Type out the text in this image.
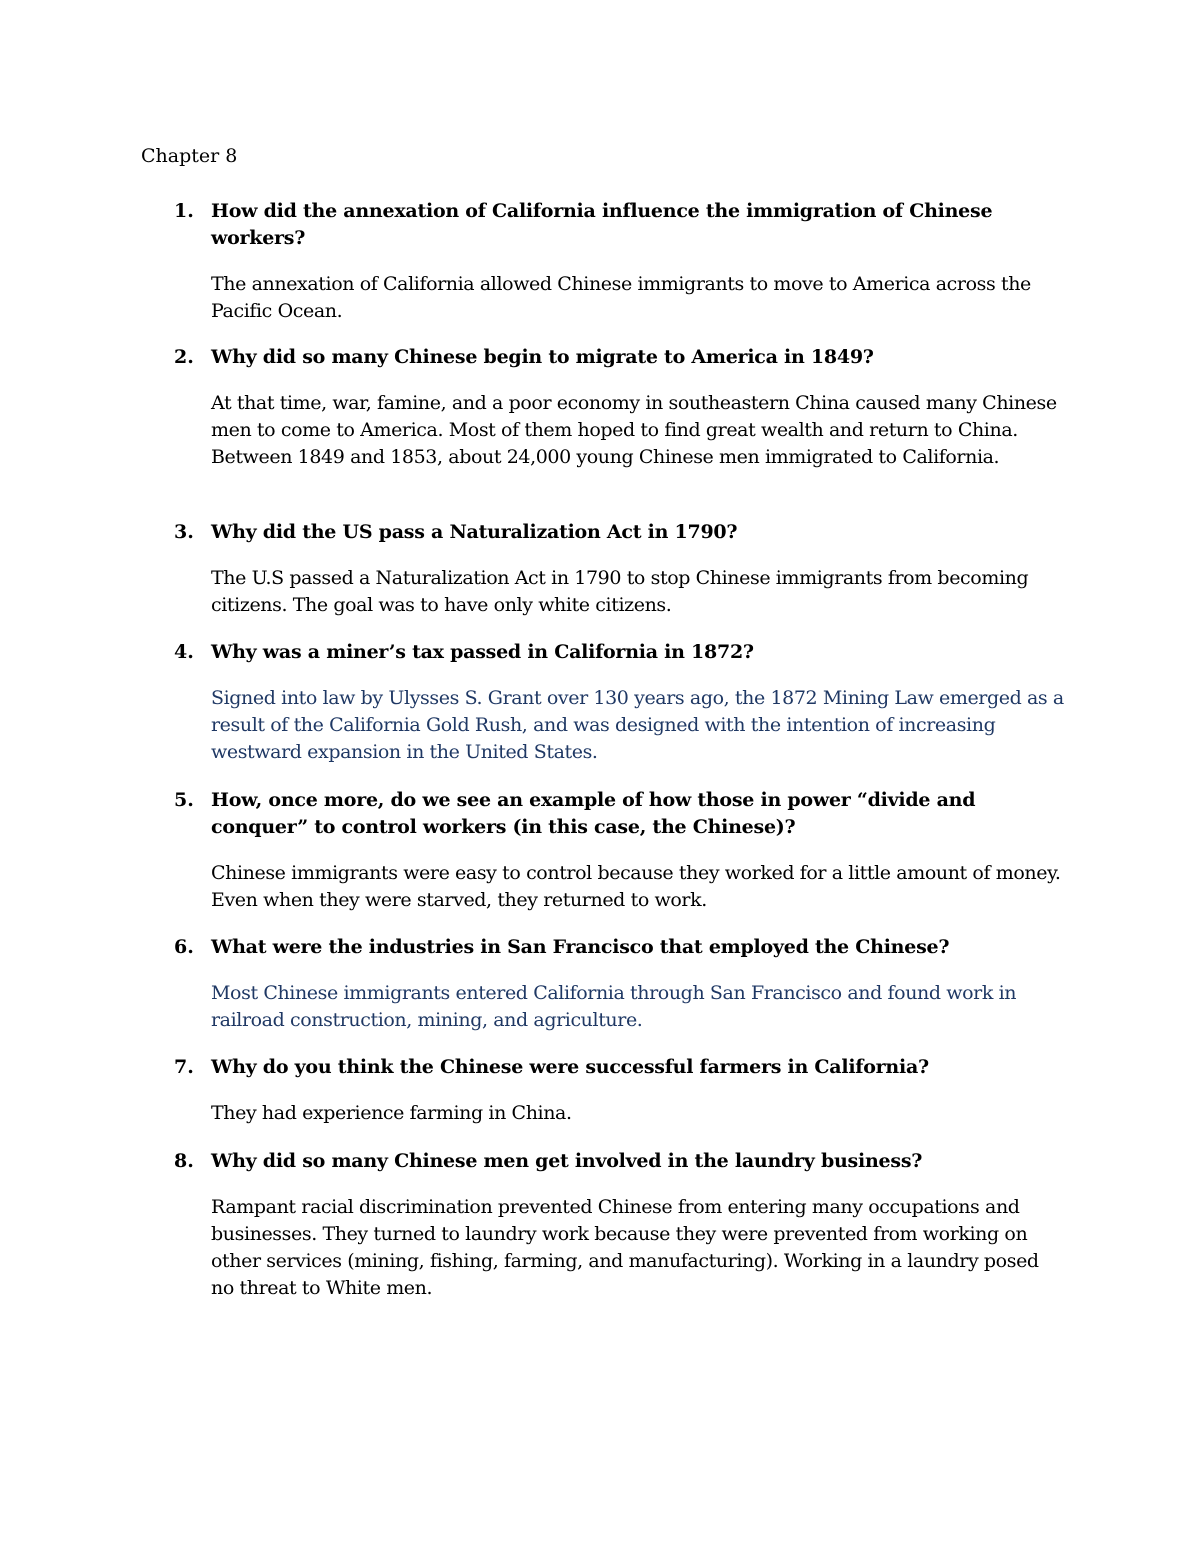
Chapter 8
1. How did the annexation of California influence the immigration of Chinese workers?
The annexation of California allowed Chinese immigrants to move to America across the Pacific Ocean.
2. Why did so many Chinese begin to migrate to America in 1849?
At that time, war, famine, and a poor economy in southeastern China caused many Chinese men to come to America. Most of them hoped to find great wealth and return to China. Between 1849 and 1853, about 24,000 young Chinese men immigrated to California.
3. Why did the US pass a Naturalization Act in 1790?
The U.S passed a Naturalization Act in 1790 to stop Chinese immigrants from becoming citizens. The goal was to have only white citizens.
4. Why was a miner’s tax passed in California in 1872?
Signed into law by Ulysses S. Grant over 130 years ago, the 1872 Mining Law emerged as a result of the California Gold Rush, and was designed with the intention of increasing westward expansion in the United States.
5. How, once more, do we see an example of how those in power “divide and conquer” to control workers (in this case, the Chinese)?
Chinese immigrants were easy to control because they worked for a little amount of money. Even when they were starved, they returned to work.
6. What were the industries in San Francisco that employed the Chinese?
Most Chinese immigrants entered California through San Francisco and found work in railroad construction, mining, and agriculture.
7. Why do you think the Chinese were successful farmers in California?
They had experience farming in China.
8. Why did so many Chinese men get involved in the laundry business?
Rampant racial discrimination prevented Chinese from entering many occupations and businesses. They turned to laundry work because they were prevented from working on other services (mining, fishing, farming, and manufacturing). Working in a laundry posed no threat to White men.
